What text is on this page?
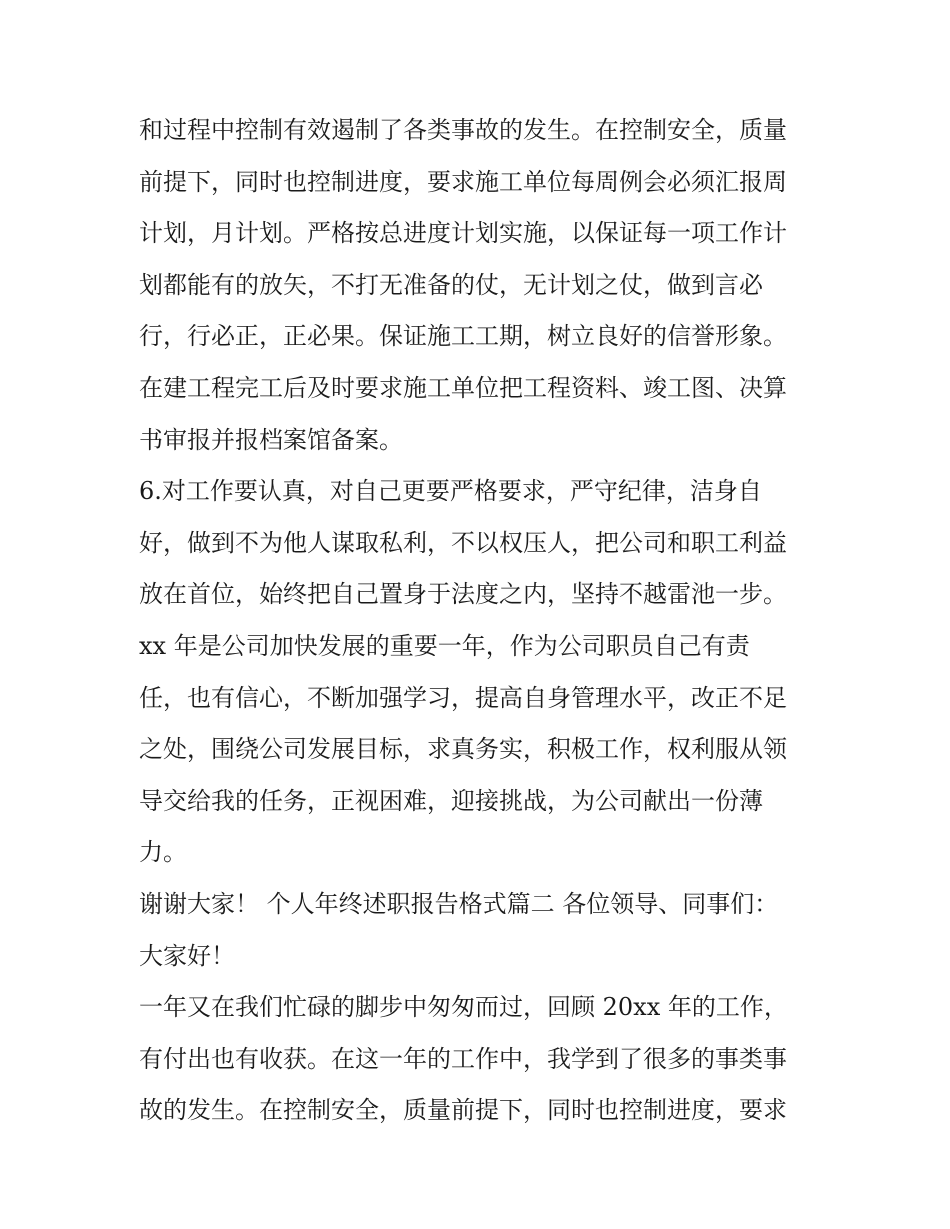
和过程中控制有效遏制了各类事故的发生。在控制安全，质量
前提下，同时也控制进度，要求施工单位每周例会必须汇报周
计划，月计划。严格按总进度计划实施，以保证每一项工作计
划都能有的放矢，不打无准备的仗，无计划之仗，做到言必
行，行必正，正必果。保证施工工期，树立良好的信誉形象。
在建工程完工后及时要求施工单位把工程资料、竣工图、决算
书审报并报档案馆备案。
6.对工作要认真，对自己更要严格要求，严守纪律，洁身自
好，做到不为他人谋取私利，不以权压人，把公司和职工利益
放在首位，始终把自己置身于法度之内，坚持不越雷池一步。
xx 年是公司加快发展的重要一年，作为公司职员自己有责
任，也有信心，不断加强学习，提高自身管理水平，改正不足
之处，围绕公司发展目标，求真务实，积极工作，权利服从领
导交给我的任务，正视困难，迎接挑战，为公司献出一份薄
力。
谢谢大家！ 个人年终述职报告格式篇二 各位领导、同事们：
大家好！
一年又在我们忙碌的脚步中匆匆而过，回顾 20xx 年的工作，
有付出也有收获。在这一年的工作中，我学到了很多的事类事
故的发生。在控制安全，质量前提下，同时也控制进度，要求
